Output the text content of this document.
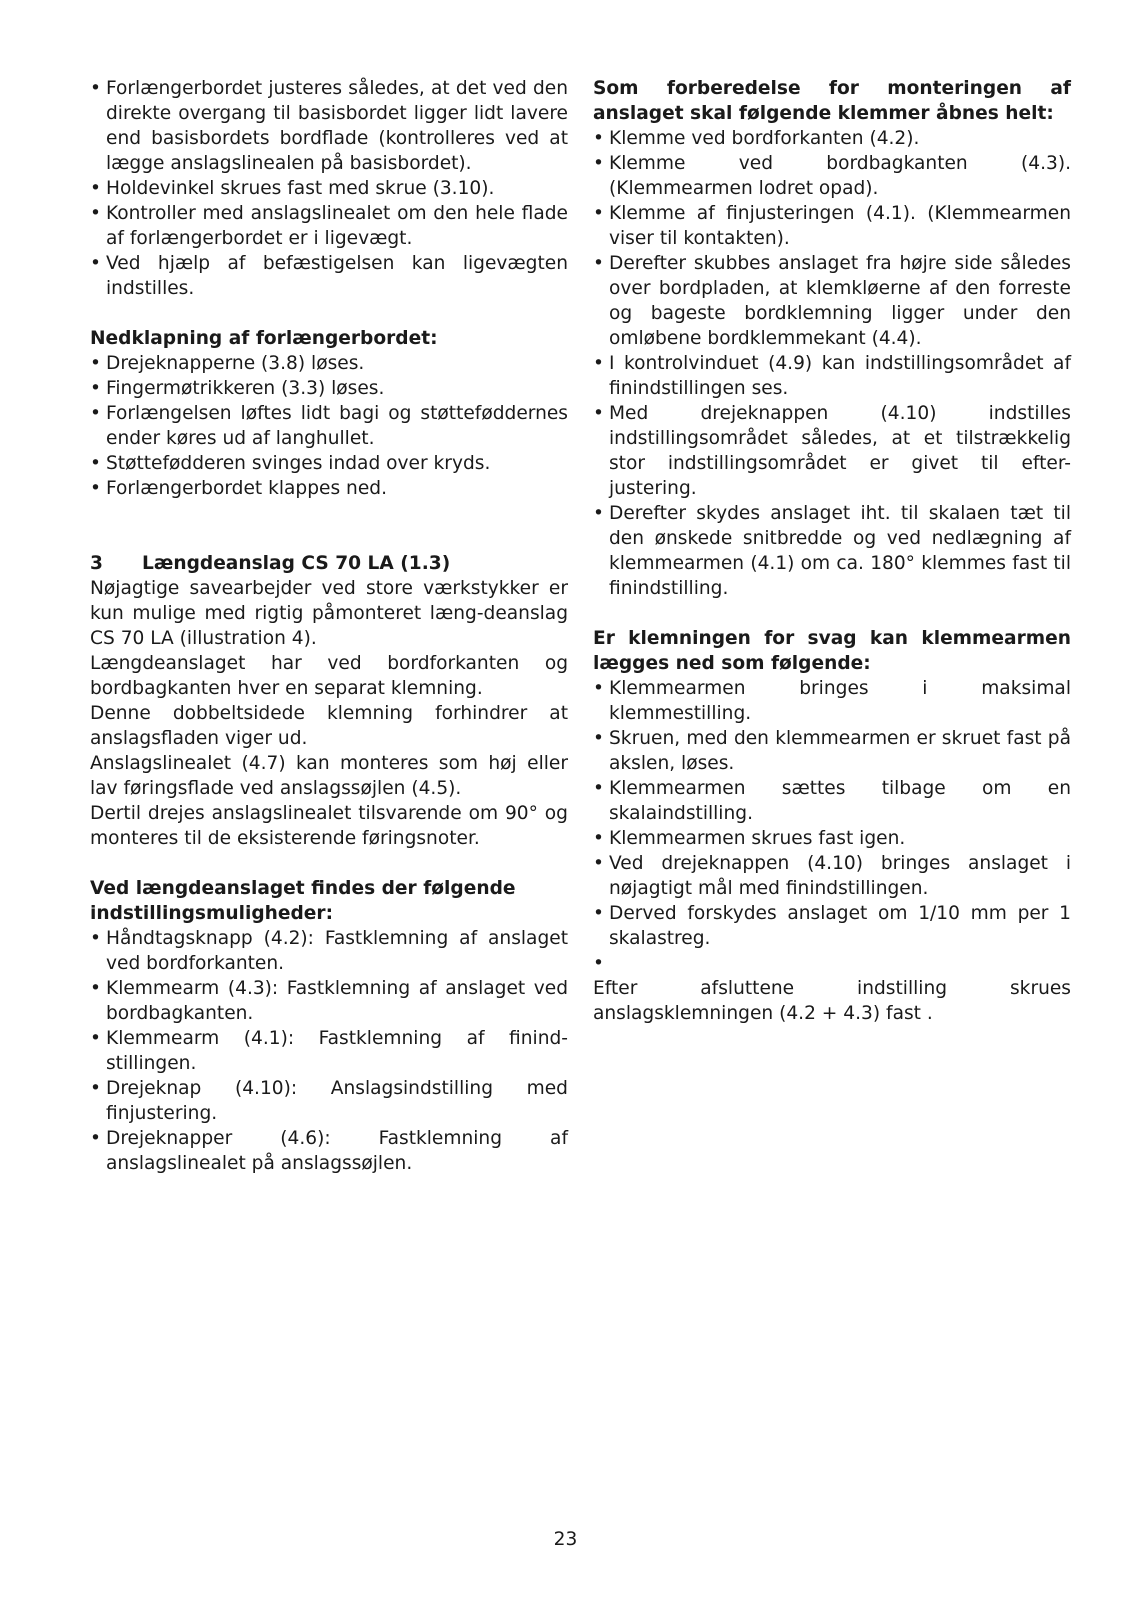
• Forlængerbordet justeres således, at det ved den direkte overgang til basisbordet ligger lidt lavere end basisbordets bordflade (kontrolleres ved at lægge anslagslinealen på basisbordet).
• Holdevinkel skrues fast med skrue (3.10).
• Kontroller med anslagslinealet om den hele flade af forlængerbordet er i ligevægt.
• Ved hjælp af befæstigelsen kan ligevægten indstilles.

Nedklapning af forlængerbordet:

• Drejeknapperne (3.8) løses.
• Fingermøtrikkeren (3.3) løses.
• Forlængelsen løftes lidt bagi og støtteføddernes ender køres ud af langhullet.
• Støttefødderen svinges indad over kryds.
• Forlængerbordet klappes ned.
3	Længdeanslag CS 70 LA (1.3)

Nøjagtige savearbejder ved store værkstykker er kun mulige med rigtig påmonteret læng-deanslag CS 70 LA (illustration 4).

Længdeanslaget har ved bordforkanten og bordbagkanten hver en separat klemning.

Denne dobbeltsidede klemning forhindrer at anslagsfladen viger ud.

Anslagslinealet (4.7) kan monteres som høj eller lav føringsflade ved anslagssøjlen (4.5).

Dertil drejes anslagslinealet tilsvarende om 90° og monteres til de eksisterende føringsnoter.

Ved længdeanslaget findes der følgende indstillingsmuligheder:

• Håndtagsknapp (4.2): Fastklemning af anslaget ved bordforkanten.
• Klemmearm (4.3): Fastklemning af anslaget ved bordbagkanten.
• Klemmearm (4.1): Fastklemning af finind-stillingen.
• Drejeknap (4.10): Anslagsindstilling med finjustering.
• Drejeknapper (4.6): Fastklemning af anslagslinealet på anslagssøjlen.

Som forberedelse for monteringen af anslaget skal følgende klemmer åbnes helt:

• Klemme ved bordforkanten (4.2).
• Klemme ved bordbagkanten (4.3). (Klemmearmen lodret opad).
• Klemme af finjusteringen (4.1). (Klemmearmen viser til kontakten).
• Derefter skubbes anslaget fra højre side således over bordpladen, at klemkløerne af den forreste og bageste bordklemning ligger under den omløbene bordklemmekant (4.4).
• I kontrolvinduet (4.9) kan indstillingsområdet af finindstillingen ses.
• Med drejeknappen (4.10) indstilles indstillingsområdet således, at et tilstrækkelig stor indstillingsområdet er givet til efter-justering.
• Derefter skydes anslaget iht. til skalaen tæt til den ønskede snitbredde og ved nedlægning af klemmearmen (4.1) om ca. 180° klemmes fast til finindstilling.

Er klemningen for svag kan klemmearmen lægges ned som følgende:

• Klemmearmen bringes i maksimal klemmestilling.
• Skruen, med den klemmearmen er skruet fast på akslen, løses.
• Klemmearmen sættes tilbage om en skalaindstilling.
• Klemmearmen skrues fast igen.
• Ved drejeknappen (4.10) bringes anslaget i nøjagtigt mål med finindstillingen.
• Derved forskydes anslaget om 1/10 mm per 1 skalastreg.
•

Efter afsluttene indstilling skrues anslagsklemningen (4.2 + 4.3) fast .

23
